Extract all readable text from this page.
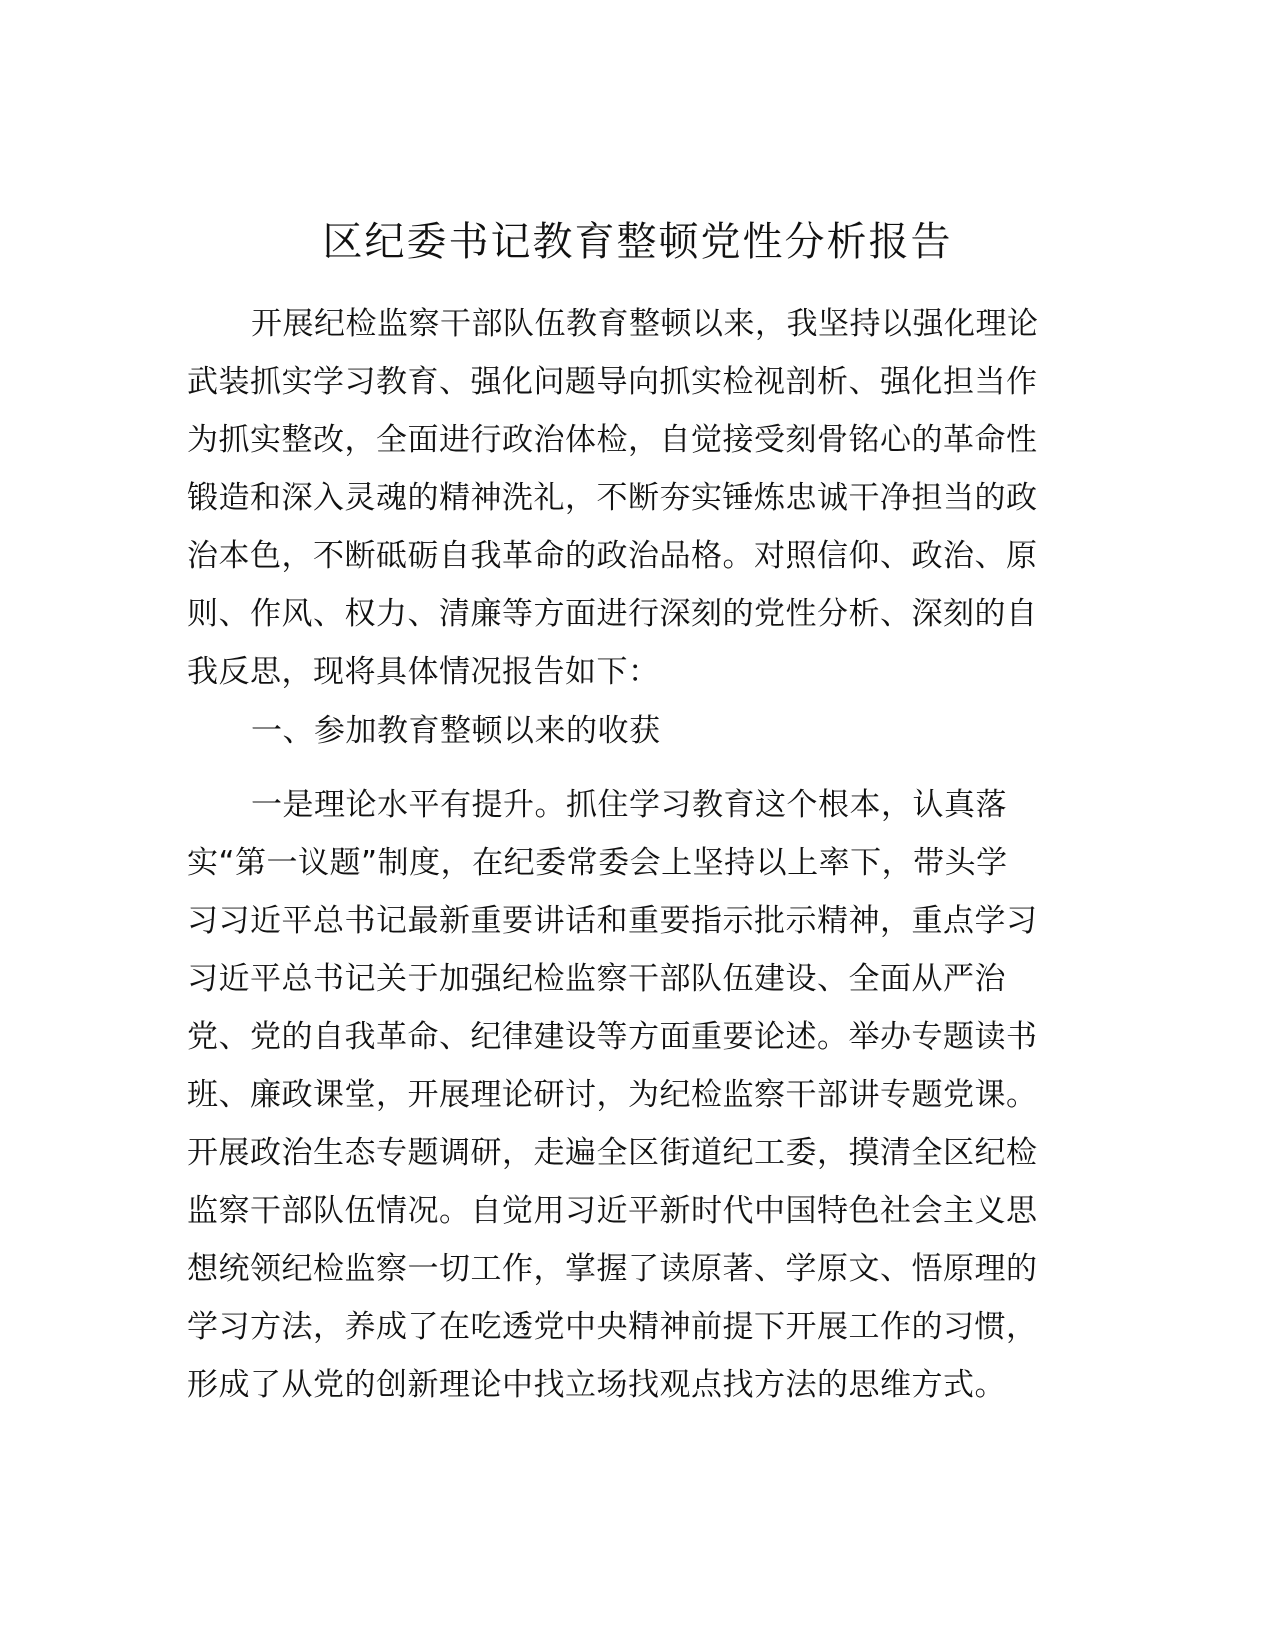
区纪委书记教育整顿党性分析报告
开展纪检监察干部队伍教育整顿以来，我坚持以强化理论
武装抓实学习教育、强化问题导向抓实检视剖析、强化担当作
为抓实整改，全面进行政治体检，自觉接受刻骨铭心的革命性
锻造和深入灵魂的精神洗礼，不断夯实锤炼忠诚干净担当的政
治本色，不断砥砺自我革命的政治品格。对照信仰、政治、原
则、作风、权力、清廉等方面进行深刻的党性分析、深刻的自
我反思，现将具体情况报告如下：
一、参加教育整顿以来的收获
一是理论水平有提升。抓住学习教育这个根本，认真落
实“第一议题”制度，在纪委常委会上坚持以上率下，带头学
习习近平总书记最新重要讲话和重要指示批示精神，重点学习
习近平总书记关于加强纪检监察干部队伍建设、全面从严治
党、党的自我革命、纪律建设等方面重要论述。举办专题读书
班、廉政课堂，开展理论研讨，为纪检监察干部讲专题党课。
开展政治生态专题调研，走遍全区街道纪工委，摸清全区纪检
监察干部队伍情况。自觉用习近平新时代中国特色社会主义思
想统领纪检监察一切工作，掌握了读原著、学原文、悟原理的
学习方法，养成了在吃透党中央精神前提下开展工作的习惯，
形成了从党的创新理论中找立场找观点找方法的思维方式。
